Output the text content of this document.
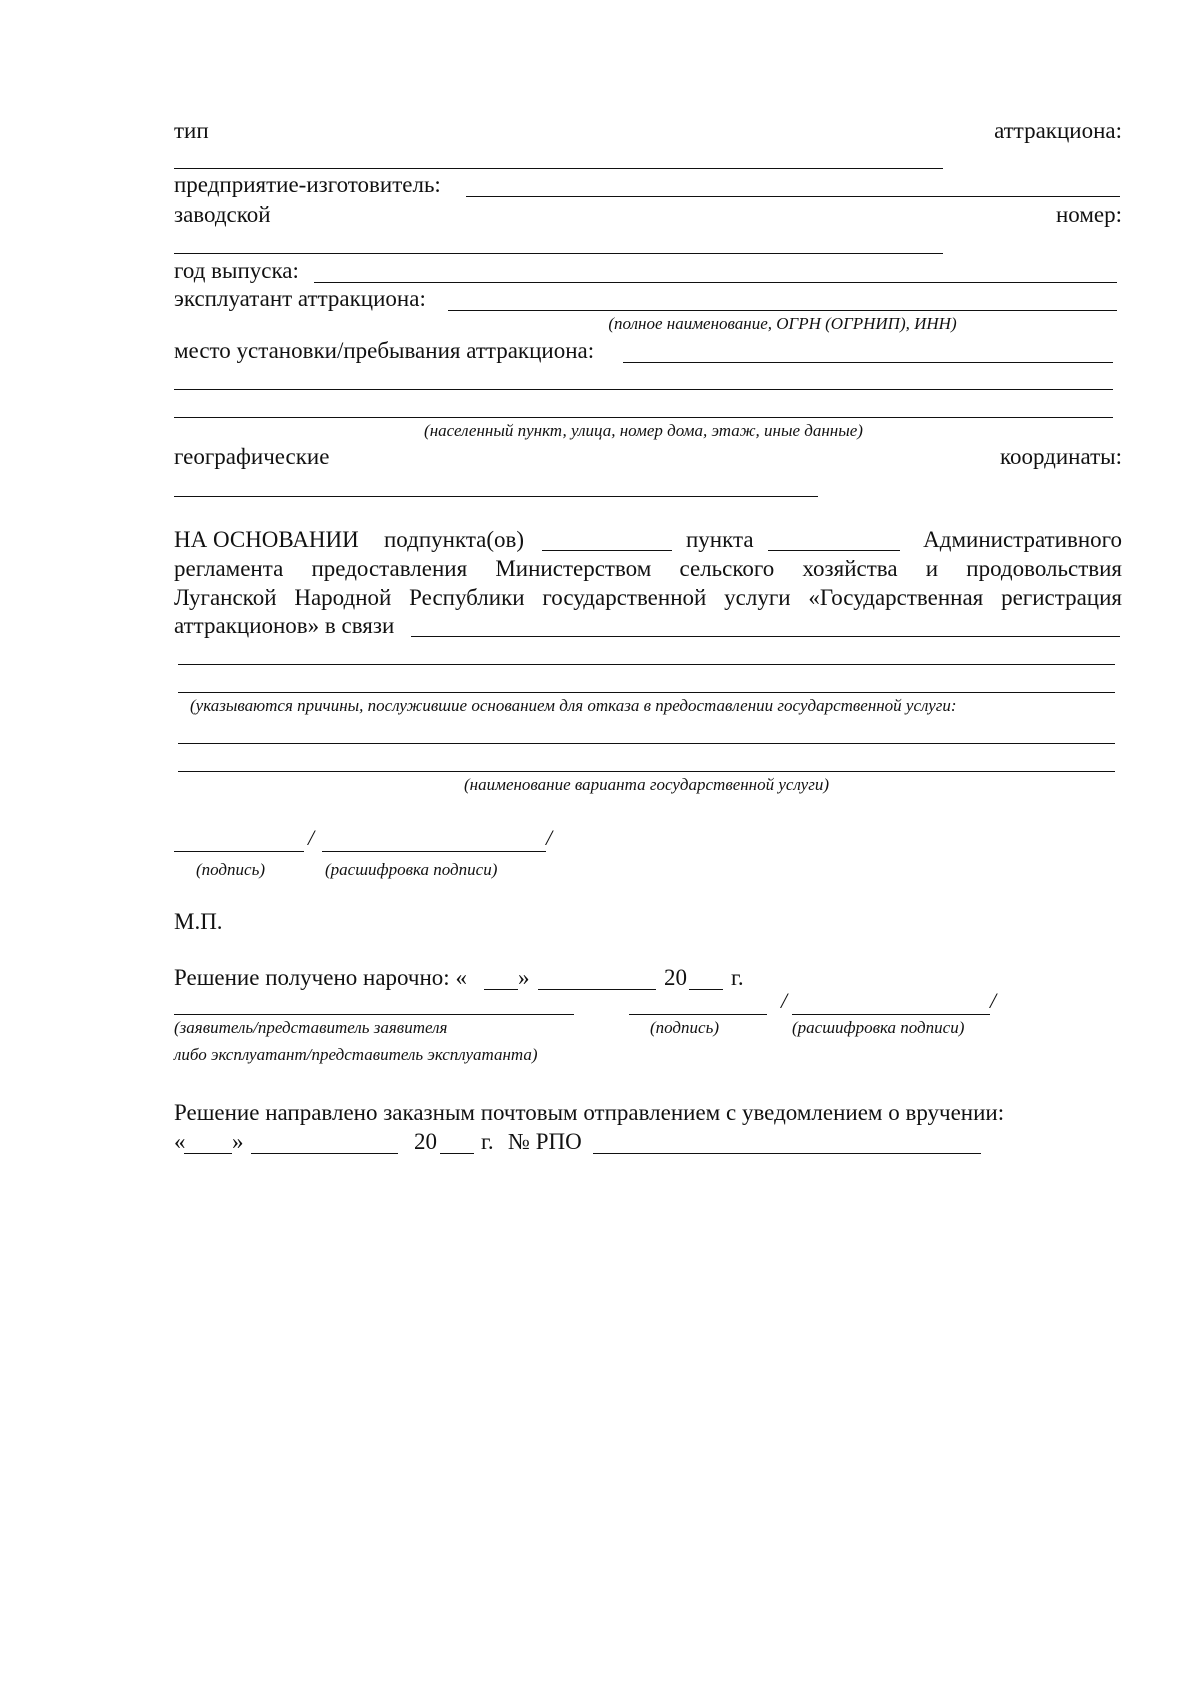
тип	аттракциона:
предприятие-изготовитель:
заводской	номер:
год выпуска:
эксплуатант аттракциона:
(полное наименование, ОГРН (ОГРНИП), ИНН)
место установки/пребывания аттракциона:
(населенный пункт, улица, номер дома, этаж, иные данные)
географические	координаты:
НА ОСНОВАНИИ подпункта(ов)	пункта	Административного
регламента предоставления Министерством сельского хозяйства и продовольствия
Луганской Народной Республики государственной услуги «Государственная регистрация
аттракционов» в связи
(указываются причины, послужившие основанием для отказа в предоставлении государственной услуги:
(наименование варианта государственной услуги)
/	/
(подпись)	(расшифровка подписи)
М.П.
Решение получено нарочно: « »	20 г.
/	/
(заявитель/представитель заявителя
либо эксплуатант/представитель эксплуатанта)
(подпись)	(расшифровка подписи)
Решение направлено заказным почтовым отправлением с уведомлением о вручении:
« »	20 г. № РПО
